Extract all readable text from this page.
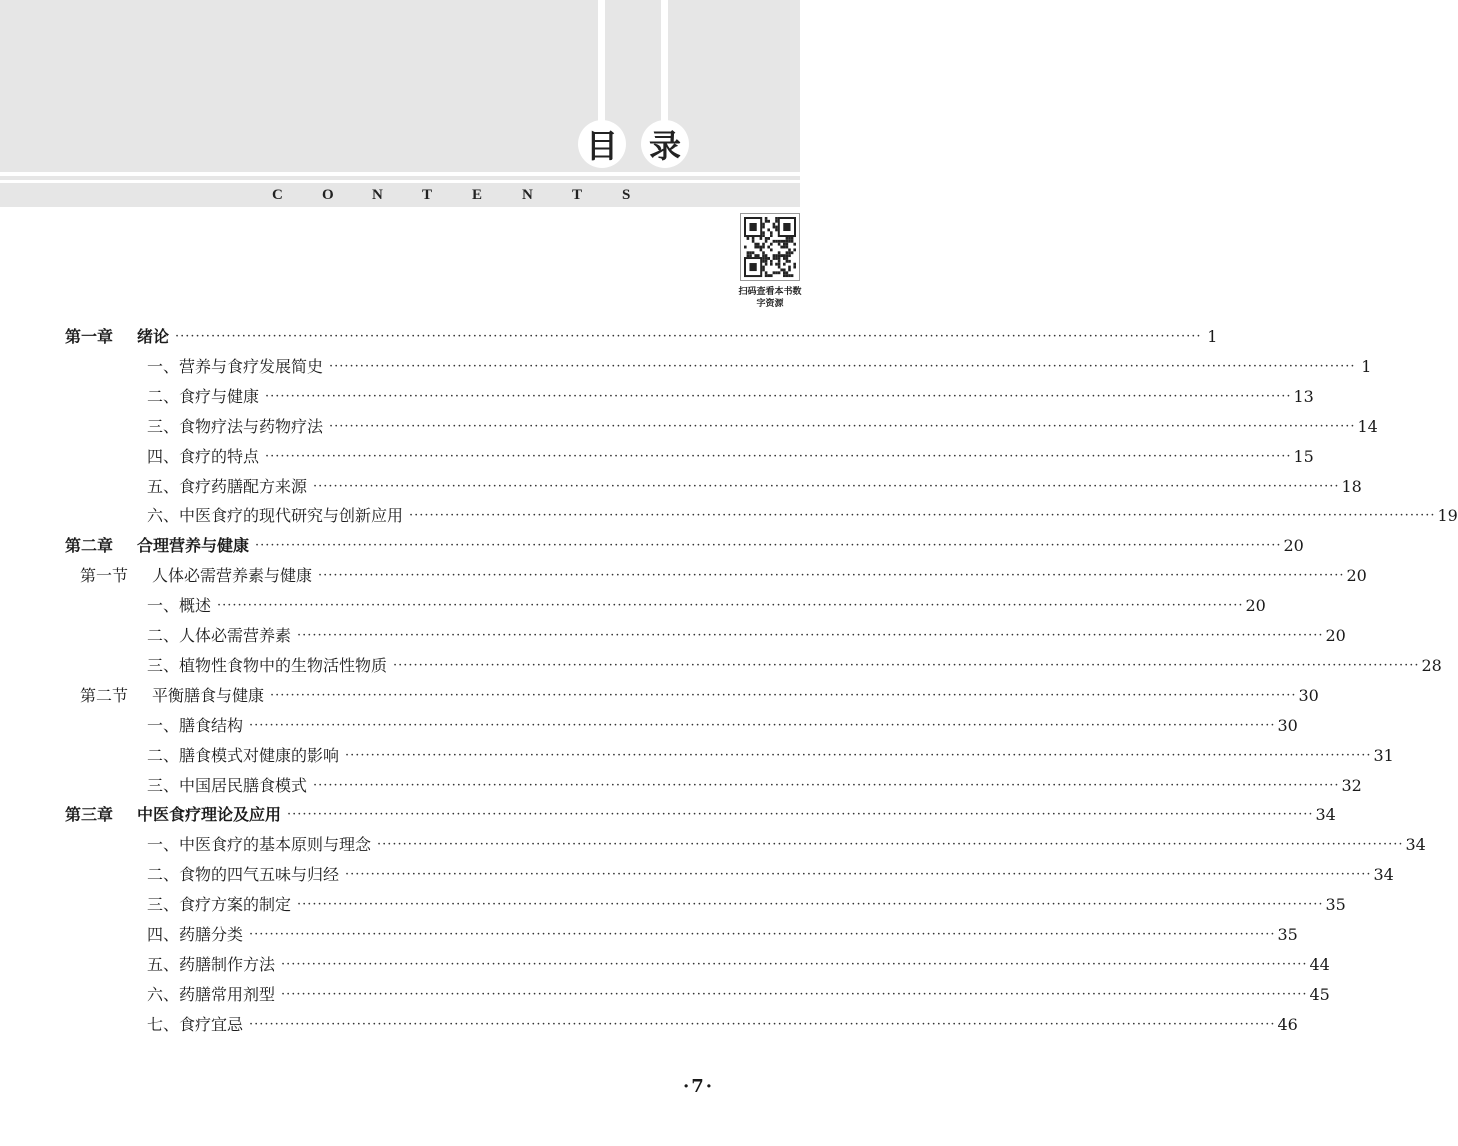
目 录
C	O	N	T	E	N	T	S
扫码查看本书数字资源
第一章 绪论 ········································································································································································································ 1
一、营养与食疗发展简史 ········································································································································································································ 1
二、食疗与健康 ········································································································································································································ 13
三、食物疗法与药物疗法 ········································································································································································································ 14
四、食疗的特点 ········································································································································································································ 15
五、食疗药膳配方来源 ········································································································································································································ 18
六、中医食疗的现代研究与创新应用 ········································································································································································································ 19
第二章 合理营养与健康 ········································································································································································································ 20
第一节 人体必需营养素与健康 ········································································································································································································ 20
一、概述 ········································································································································································································ 20
二、人体必需营养素 ········································································································································································································ 20
三、植物性食物中的生物活性物质 ········································································································································································································ 28
第二节 平衡膳食与健康 ········································································································································································································ 30
一、膳食结构 ········································································································································································································ 30
二、膳食模式对健康的影响 ········································································································································································································ 31
三、中国居民膳食模式 ········································································································································································································ 32
第三章 中医食疗理论及应用 ········································································································································································································ 34
一、中医食疗的基本原则与理念 ········································································································································································································ 34
二、食物的四气五味与归经 ········································································································································································································ 34
三、食疗方案的制定 ········································································································································································································ 35
四、药膳分类 ········································································································································································································ 35
五、药膳制作方法 ········································································································································································································ 44
六、药膳常用剂型 ········································································································································································································ 45
七、食疗宜忌 ········································································································································································································ 46
·7·
